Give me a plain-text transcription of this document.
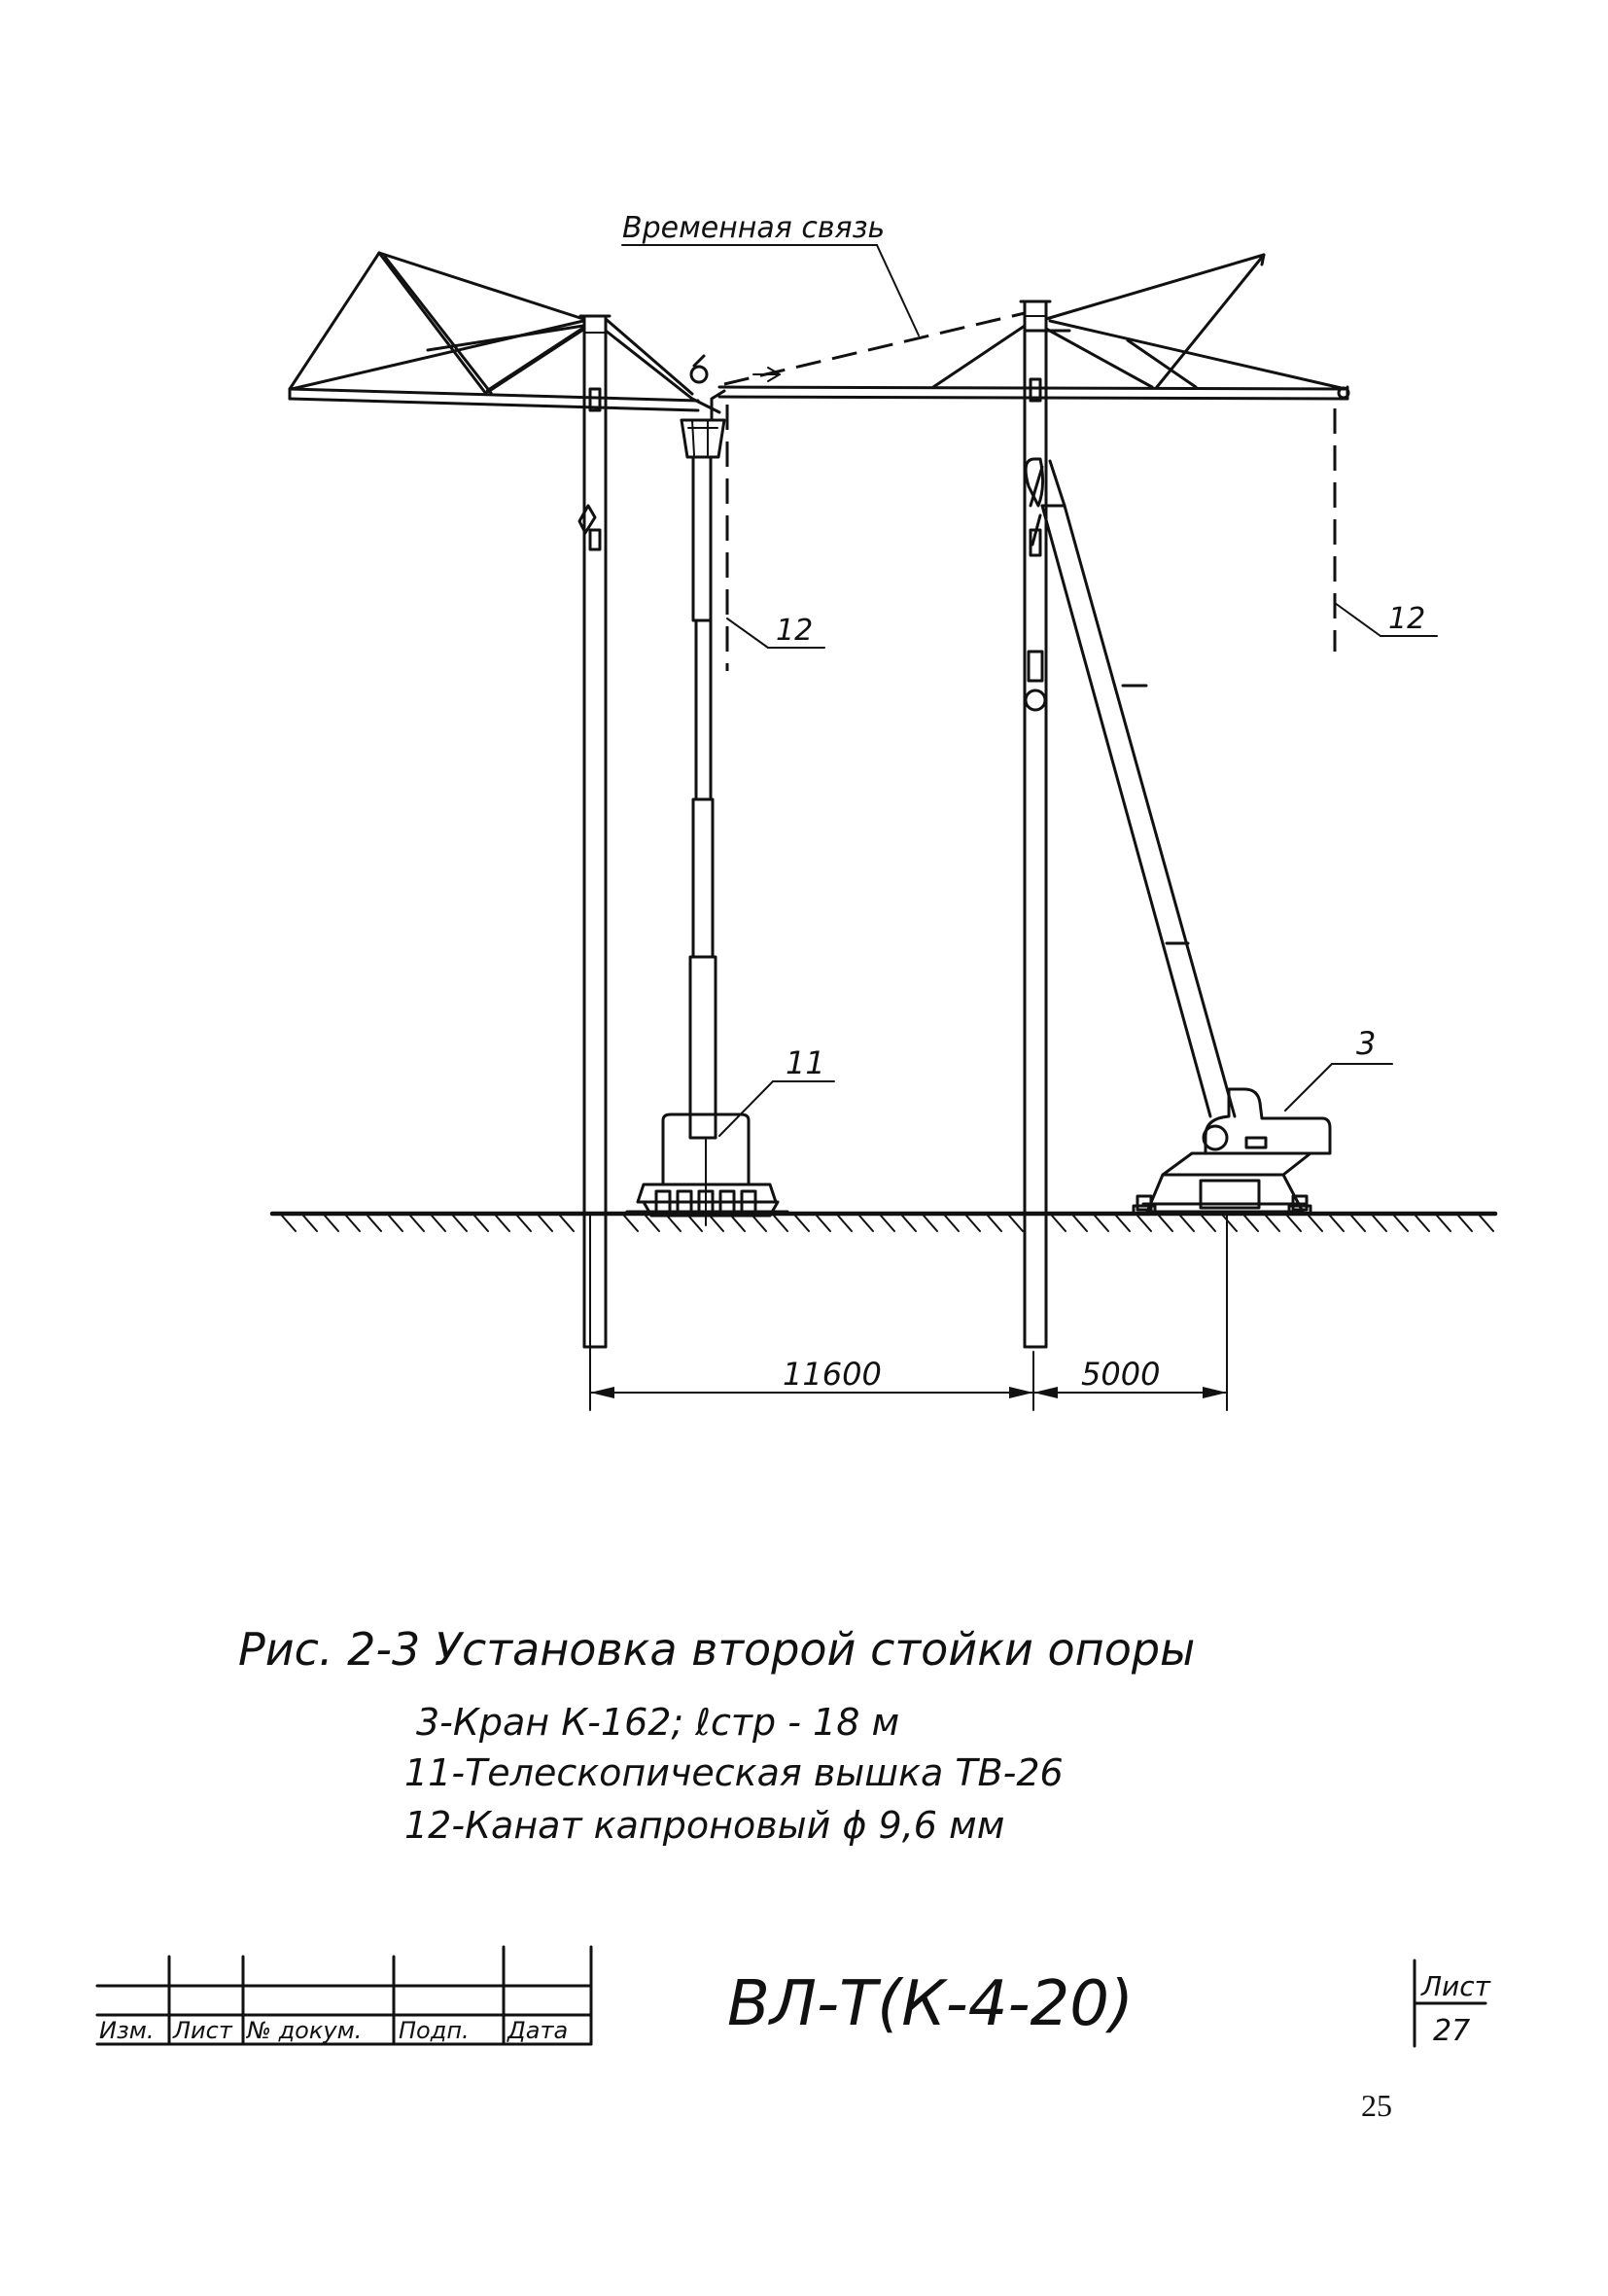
12	12
11
3
Временная связь
11600	5000
Рис. 2-3 Установка второй стойки опоры
3-Кран К-162; ℓстр - 18 м
11-Телескопическая вышка ТВ-26
12-Канат капроновый ϕ 9,6 мм
Изм. Лист № докум. Подп. Дата	ВЛ-Т(К-4-20)	Лист
27
25
